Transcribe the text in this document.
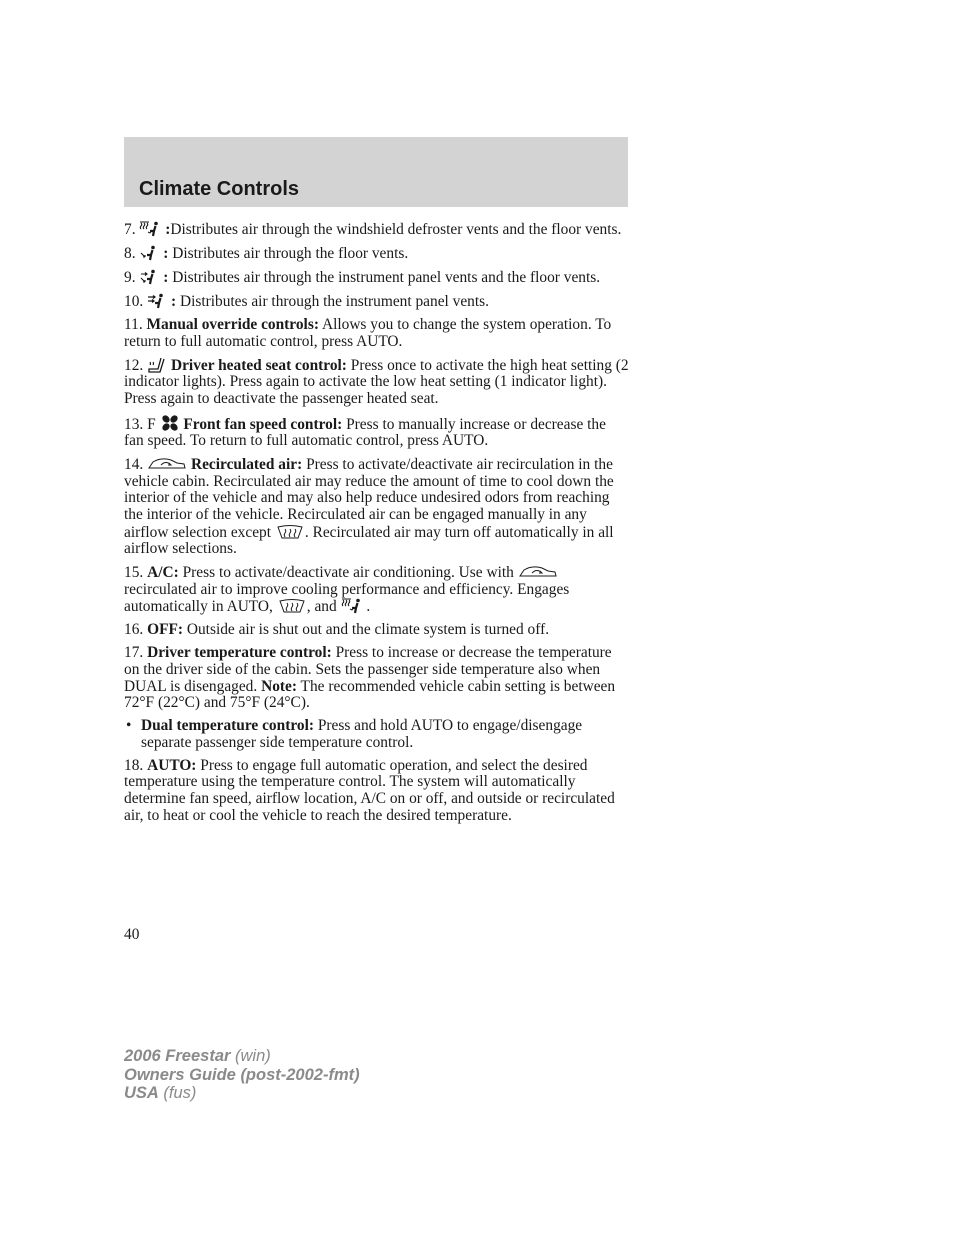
Climate Controls
7. :Distributes air through the windshield defroster vents and the floor vents.
8. : Distributes air through the floor vents.
9. : Distributes air through the instrument panel vents and the floor vents.
10. : Distributes air through the instrument panel vents.
11. Manual override controls: Allows you to change the system operation. To return to full automatic control, press AUTO.
12. Driver heated seat control: Press once to activate the high heat setting (2 indicator lights). Press again to activate the low heat setting (1 indicator light). Press again to deactivate the passenger heated seat.
13. F Front fan speed control: Press to manually increase or decrease the fan speed. To return to full automatic control, press AUTO.
14.	Recirculated air: Press to activate/deactivate air recirculation in the vehicle cabin. Recirculated air may reduce the amount of time to cool down the interior of the vehicle and may also help reduce undesired odors from reaching the interior of the vehicle. Recirculated air can be engaged manually in any airflow selection except . Recirculated air may turn off automatically in all airflow selections.
15. A/C: Press to activate/deactivate air conditioning. Use with
recirculated air to improve cooling performance and efficiency. Engages automatically in AUTO, , and .
16. OFF: Outside air is shut out and the climate system is turned off.
17. Driver temperature control: Press to increase or decrease the temperature on the driver side of the cabin. Sets the passenger side temperature also when DUAL is disengaged. Note: The recommended vehicle cabin setting is between 72°F (22°C) and 75°F (24°C).
• Dual temperature control: Press and hold AUTO to engage/disengage separate passenger side temperature control.
18. AUTO: Press to engage full automatic operation, and select the desired temperature using the temperature control. The system will automatically determine fan speed, airflow location, A/C on or off, and outside or recirculated air, to heat or cool the vehicle to reach the desired temperature.
40
2006 Freestar (win)
Owners Guide (post-2002-fmt)
USA (fus)
